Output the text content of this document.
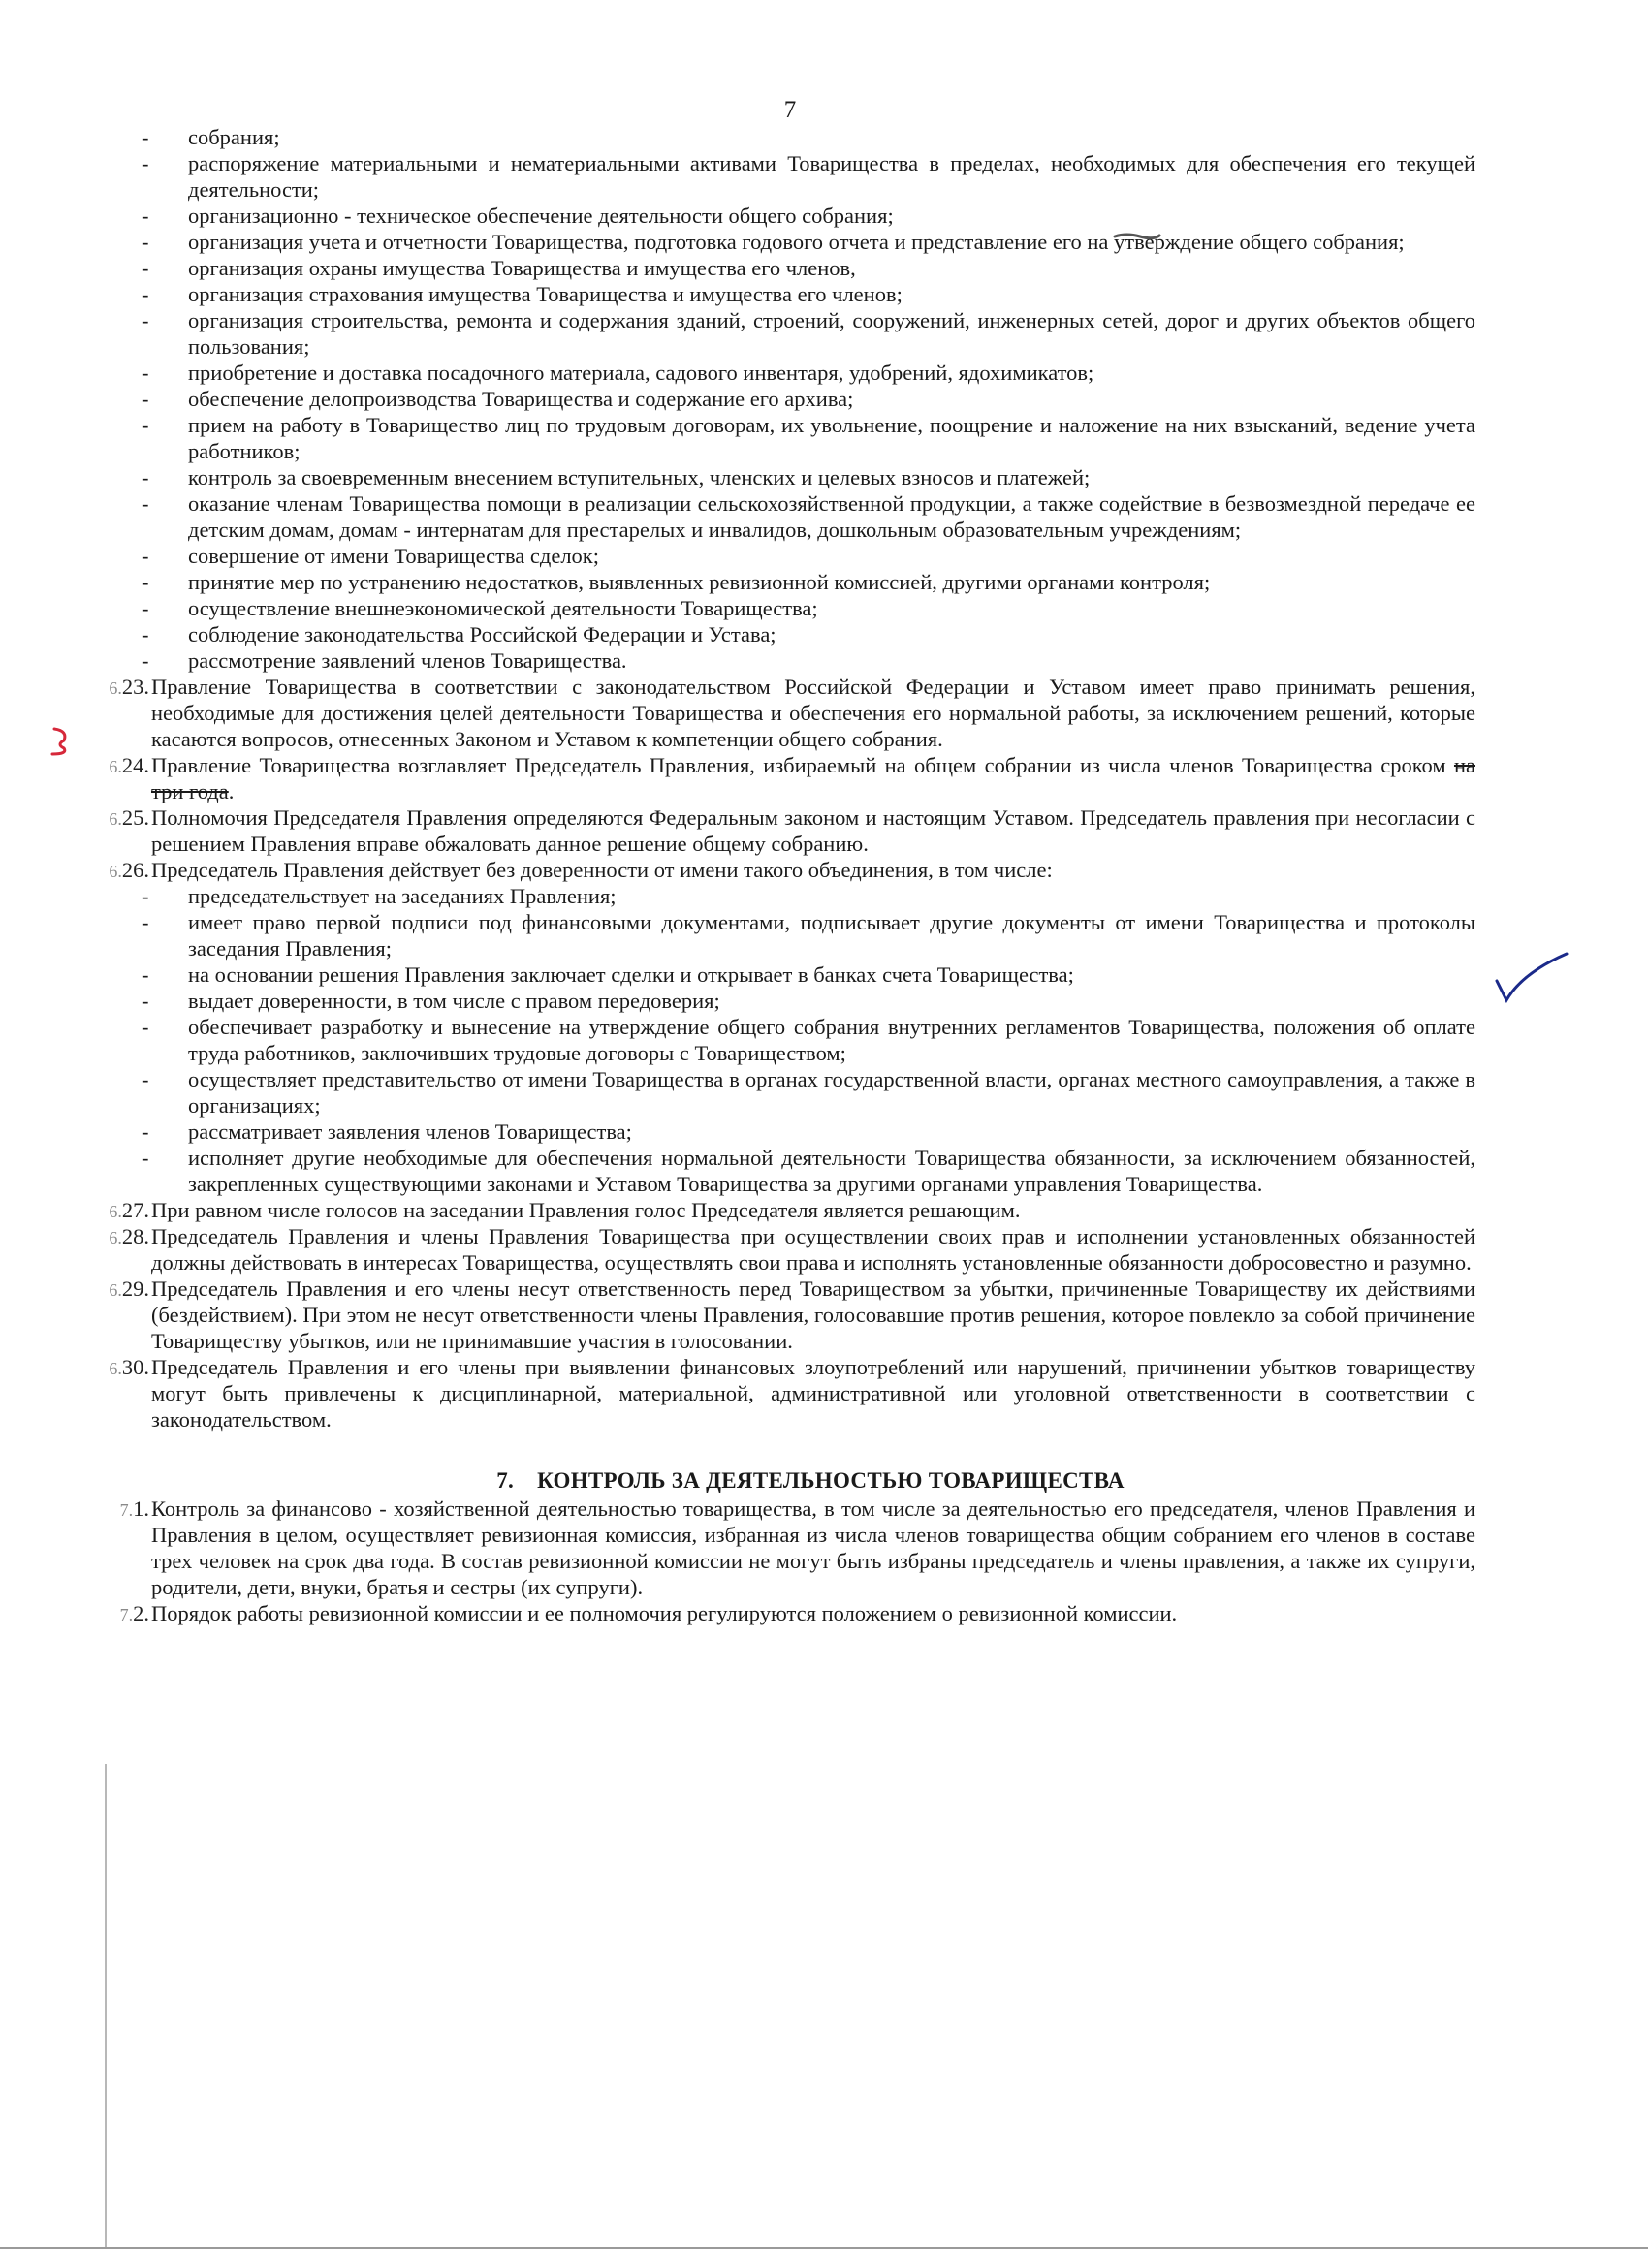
7

- собрания;

- распоряжение материальными и нематериальными активами Товарищества в пределах, необходимых для обеспечения его текущей деятельности;

- организационно - техническое обеспечение деятельности общего собрания;

- организация учета и отчетности Товарищества, подготовка годового отчета и представление его на утверждение общего собрания;

- организация охраны имущества Товарищества и имущества его членов,

- организация страхования имущества Товарищества и имущества его членов;

- организация строительства, ремонта и содержания зданий, строений, сооружений, инженерных сетей, дорог и других объектов общего пользования;

- приобретение и доставка посадочного материала, садового инвентаря, удобрений, ядохимикатов;

- обеспечение делопроизводства Товарищества и содержание его архива;

- прием на работу в Товарищество лиц по трудовым договорам, их увольнение, поощрение и наложение на них взысканий, ведение учета работников;

- контроль за своевременным внесением вступительных, членских и целевых взносов и платежей;

- оказание членам Товарищества помощи в реализации сельскохозяйственной продукции, а также содействие в безвозмездной передаче ее детским домам, домам - интернатам для престарелых и инвалидов, дошкольным образовательным учреждениям;

- совершение от имени Товарищества сделок;

- принятие мер по устранению недостатков, выявленных ревизионной комиссией, другими органами контроля;

- осуществление внешнеэкономической деятельности Товарищества;

- соблюдение законодательства Российской Федерации и Устава;

- рассмотрение заявлений членов Товарищества.

6.23. Правление Товарищества в соответствии с законодательством Российской Федерации и Уставом имеет право принимать решения, необходимые для достижения целей деятельности Товарищества и обеспечения его нормальной работы, за исключением решений, которые касаются вопросов, отнесенных Законом и Уставом к компетенции общего собрания.

6.24. Правление Товарищества возглавляет Председатель Правления, избираемый на общем собрании из числа членов Товарищества сроком на три года.

6.25. Полномочия Председателя Правления определяются Федеральным законом и настоящим Уставом. Председатель правления при несогласии с решением Правления вправе обжаловать данное решение общему собранию.

6.26. Председатель Правления действует без доверенности от имени такого объединения, в том числе:

- председательствует на заседаниях Правления;

- имеет право первой подписи под финансовыми документами, подписывает другие документы от имени Товарищества и протоколы заседания Правления;

- на основании решения Правления заключает сделки и открывает в банках счета Товарищества;

- выдает доверенности, в том числе с правом передоверия;

- обеспечивает разработку и вынесение на утверждение общего собрания внутренних регламентов Товарищества, положения об оплате труда работников, заключивших трудовые договоры с Товариществом;

- осуществляет представительство от имени Товарищества в органах государственной власти, органах местного самоуправления, а также в организациях;

- рассматривает заявления членов Товарищества;

- исполняет другие необходимые для обеспечения нормальной деятельности Товарищества обязанности, за исключением обязанностей, закрепленных существующими законами и Уставом Товарищества за другими органами управления Товарищества.

6.27. При равном числе голосов на заседании Правления голос Председателя является решающим.

6.28. Председатель Правления и члены Правления Товарищества при осуществлении своих прав и исполнении установленных обязанностей должны действовать в интересах Товарищества, осуществлять свои права и исполнять установленные обязанности добросовестно и разумно.

6.29. Председатель Правления и его члены несут ответственность перед Товариществом за убытки, причиненные Товариществу их действиями (бездействием). При этом не несут ответственности члены Правления, голосовавшие против решения, которое повлекло за собой причинение Товариществу убытков, или не принимавшие участия в голосовании.

6.30. Председатель Правления и его члены при выявлении финансовых злоупотреблений или нарушений, причинении убытков товариществу могут быть привлечены к дисциплинарной, материальной, административной или уголовной ответственности в соответствии с законодательством.

7. КОНТРОЛЬ ЗА ДЕЯТЕЛЬНОСТЬЮ ТОВАРИЩЕСТВА

7.1. Контроль за финансово - хозяйственной деятельностью товарищества, в том числе за деятельностью его председателя, членов Правления и Правления в целом, осуществляет ревизионная комиссия, избранная из числа членов товарищества общим собранием его членов в составе трех человек на срок два года. В состав ревизионной комиссии не могут быть избраны председатель и члены правления, а также их супруги, родители, дети, внуки, братья и сестры (их супруги).

7.2. Порядок работы ревизионной комиссии и ее полномочия регулируются положением о ревизионной комиссии.
